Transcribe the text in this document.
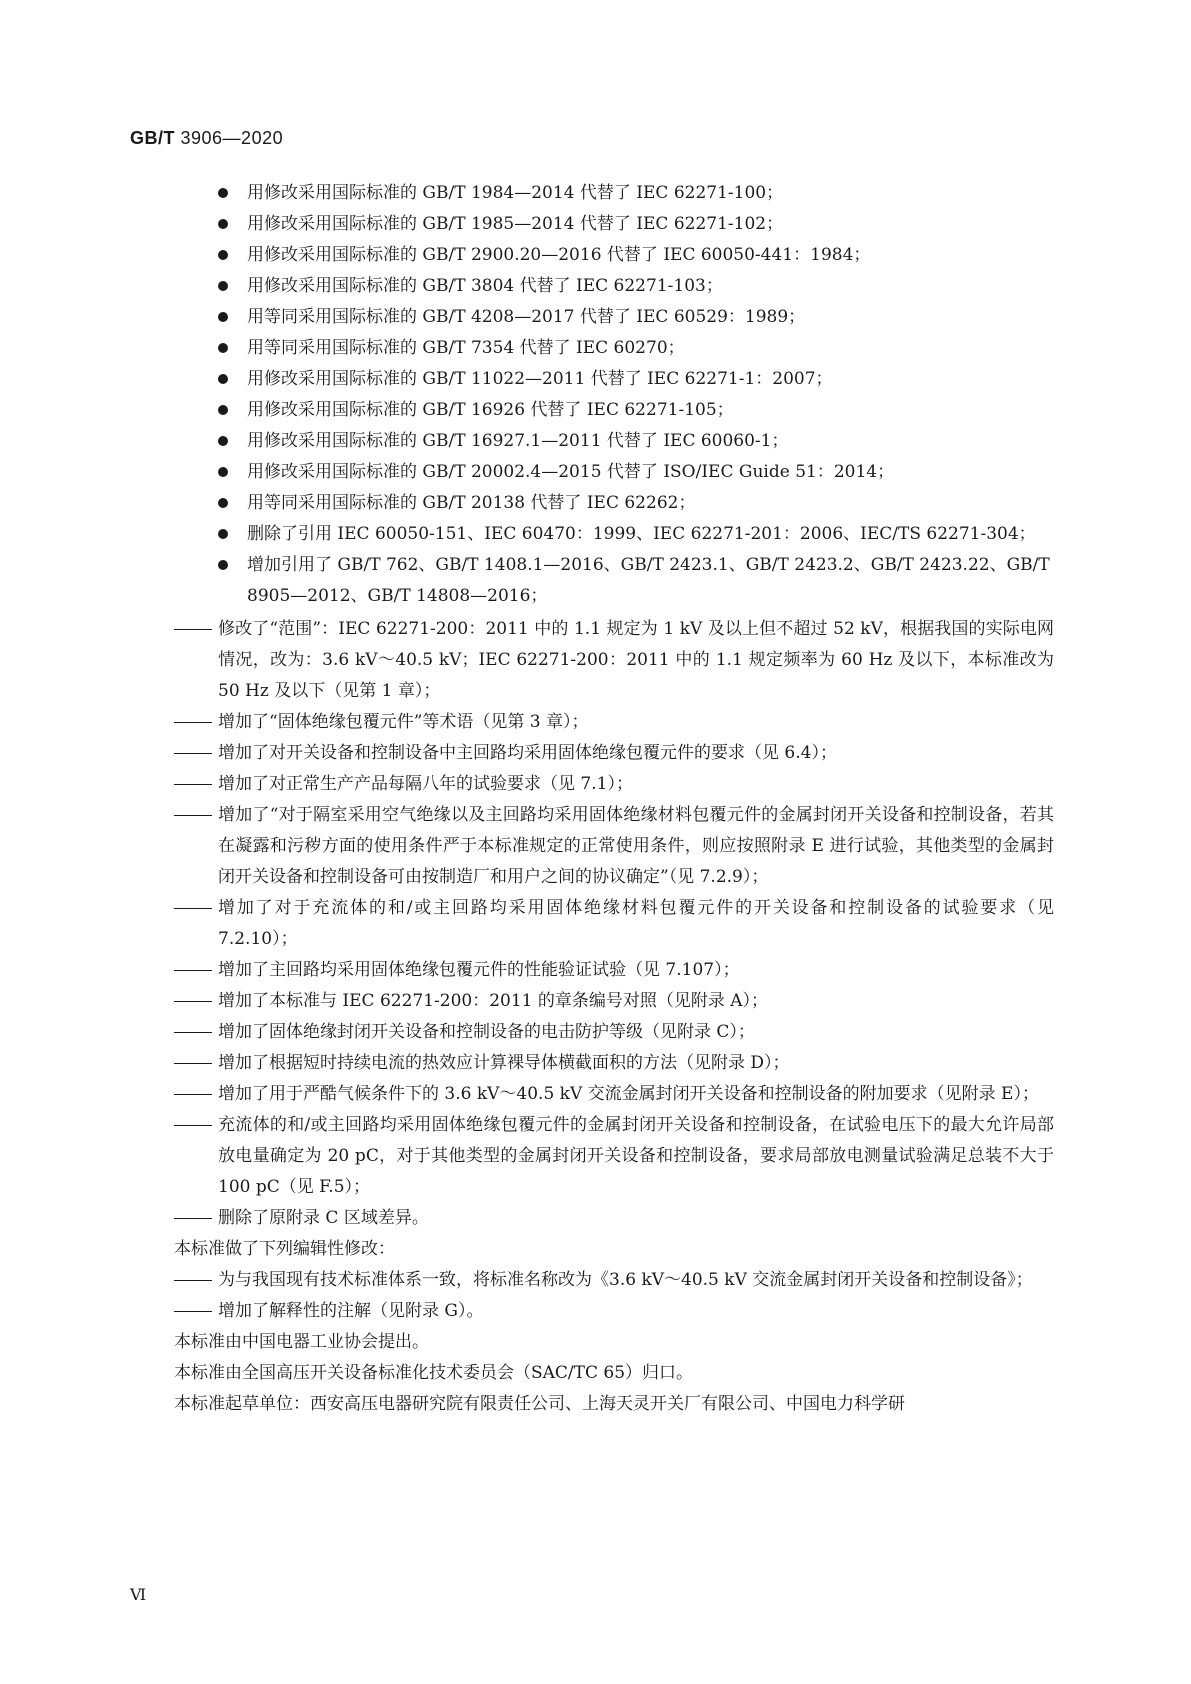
GB/T 3906—2020
用修改采用国际标准的 GB/T 1984—2014 代替了 IEC 62271-100；
用修改采用国际标准的 GB/T 1985—2014 代替了 IEC 62271-102；
用修改采用国际标准的 GB/T 2900.20—2016 代替了 IEC 60050-441：1984；
用修改采用国际标准的 GB/T 3804 代替了 IEC 62271-103；
用等同采用国际标准的 GB/T 4208—2017 代替了 IEC 60529：1989；
用等同采用国际标准的 GB/T 7354 代替了 IEC 60270；
用修改采用国际标准的 GB/T 11022—2011 代替了 IEC 62271-1：2007；
用修改采用国际标准的 GB/T 16926 代替了 IEC 62271-105；
用修改采用国际标准的 GB/T 16927.1—2011 代替了 IEC 60060-1；
用修改采用国际标准的 GB/T 20002.4—2015 代替了 ISO/IEC Guide 51：2014；
用等同采用国际标准的 GB/T 20138 代替了 IEC 62262；
删除了引用 IEC 60050-151、IEC 60470：1999、IEC 62271-201：2006、IEC/TS 62271-304；
增加引用了 GB/T 762、GB/T 1408.1—2016、GB/T 2423.1、GB/T 2423.2、GB/T 2423.22、GB/T 8905—2012、GB/T 14808—2016；
修改了“范围”：IEC 62271-200：2011 中的 1.1 规定为 1 kV 及以上但不超过 52 kV，根据我国的实际电网情况，改为：3.6 kV～40.5 kV；IEC 62271-200：2011 中的 1.1 规定频率为 60 Hz 及以下，本标准改为 50 Hz 及以下（见第 1 章）；
增加了“固体绝缘包覆元件”等术语（见第 3 章）；
增加了对开关设备和控制设备中主回路均采用固体绝缘包覆元件的要求（见 6.4）；
增加了对正常生产产品每隔八年的试验要求（见 7.1）；
增加了“对于隔室采用空气绝缘以及主回路均采用固体绝缘材料包覆元件的金属封闭开关设备和控制设备，若其在凝露和污秽方面的使用条件严于本标准规定的正常使用条件，则应按照附录 E 进行试验，其他类型的金属封闭开关设备和控制设备可由按制造厂和用户之间的协议确定”（见 7.2.9）；
增加了对于充流体的和/或主回路均采用固体绝缘材料包覆元件的开关设备和控制设备的试验要求（见 7.2.10）；
增加了主回路均采用固体绝缘包覆元件的性能验证试验（见 7.107）；
增加了本标准与 IEC 62271-200：2011 的章条编号对照（见附录 A）；
增加了固体绝缘封闭开关设备和控制设备的电击防护等级（见附录 C）；
增加了根据短时持续电流的热效应计算裸导体横截面积的方法（见附录 D）；
增加了用于严酷气候条件下的 3.6 kV～40.5 kV 交流金属封闭开关设备和控制设备的附加要求（见附录 E）；
充流体的和/或主回路均采用固体绝缘包覆元件的金属封闭开关设备和控制设备，在试验电压下的最大允许局部放电量确定为 20 pC，对于其他类型的金属封闭开关设备和控制设备，要求局部放电测量试验满足总装不大于 100 pC（见 F.5）；
删除了原附录 C 区域差异。
本标准做了下列编辑性修改：
为与我国现有技术标准体系一致，将标准名称改为《3.6 kV～40.5 kV 交流金属封闭开关设备和控制设备》；
增加了解释性的注解（见附录 G）。
本标准由中国电器工业协会提出。
本标准由全国高压开关设备标准化技术委员会（SAC/TC 65）归口。
本标准起草单位：西安高压电器研究院有限责任公司、上海天灵开关厂有限公司、中国电力科学研
Ⅵ
